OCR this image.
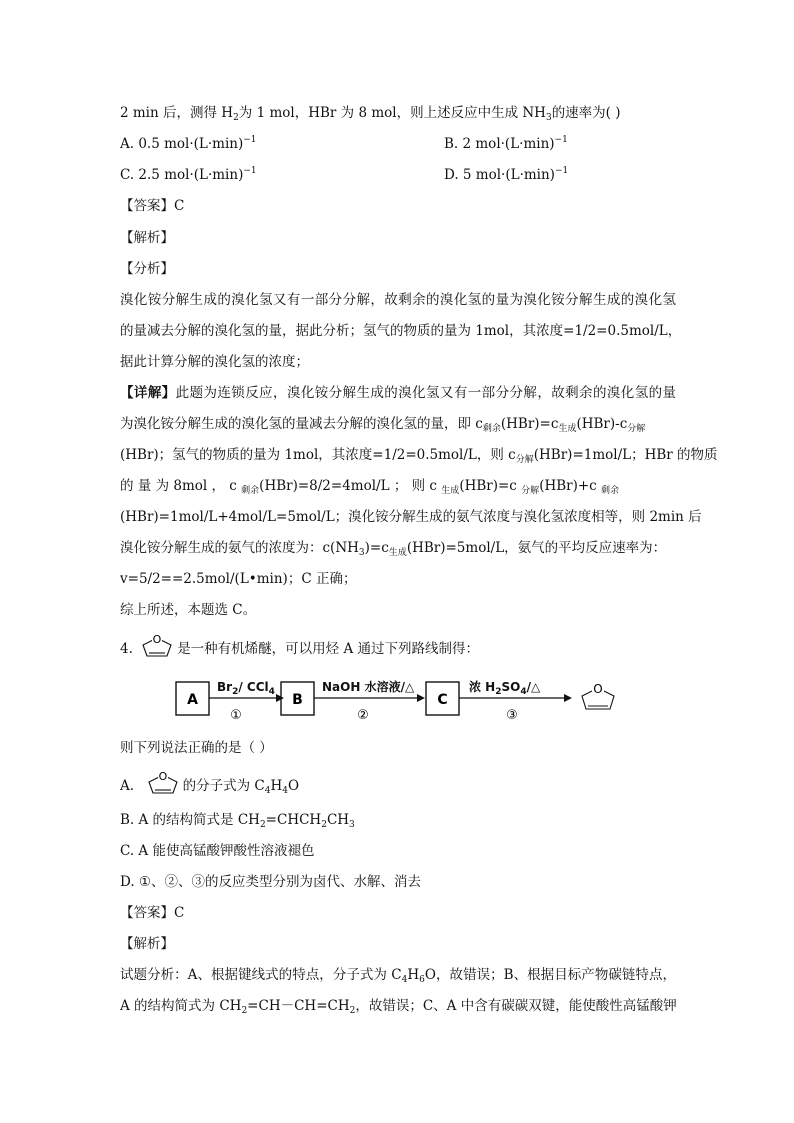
2 min 后，测得 $H_2$为 1 mol，HBr 为 8 mol，则上述反应中生成 $NH_3$的速率为( )
A. 0.5 $mol\cdot(L\cdot\min)^{-1}$	B. 2 $mol\cdot(L\cdot\min)^{-1}$
C. 2.5 $mol\cdot(L\cdot\min)^{-1}$	D. 5 $mol\cdot(L\cdot\min)^{-1}$
【答案】C
【解析】
【分析】
溴化铵分解生成的溴化氢又有一部分分解，故剩余的溴化氢的量为溴化铵分解生成的溴化氢
的量减去分解的溴化氢的量，据此分析；氢气的物质的量为 1mol，其浓度=1/2=0.5mol/L，
据此计算分解的溴化氢的浓度；
【详解】此题为连锁反应，溴化铵分解生成的溴化氢又有一部分分解，故剩余的溴化氢的量
为溴化铵分解生成的溴化氢的量减去分解的溴化氢的量，即 $c_{剩余}(HBr)=c_{生成}(HBr)-c_{分解}$
(HBr)；氢气的物质的量为 1mol，其浓度=1/2=0.5mol/L，则 $c_{分解}(HBr)=1mol/L$；HBr 的物质
的 量 为 8mol ， c $_{剩余}$(HBr)=8/2=4mol/L ； 则 c $_{生成}$(HBr)=c $_{分解}$(HBr)+c $_{剩余}$
(HBr)=1mol/L+4mol/L=5mol/L；溴化铵分解生成的氨气浓度与溴化氢浓度相等，则 2min 后
溴化铵分解生成的氨气的浓度为：$c(NH_3)=c_{生成}(HBr)=5mol/L$，氨气的平均反应速率为：
v=5/2==2.5mol/(L•min)；C 正确；
综上所述，本题选 C。
4.
O
是一种有机烯醚，可以用烃 A 通过下列路线制得：
A
①
B
②
C
③
O
$Br_2/$ CCl$_4$	NaOH 水溶液/△	浓 $H_2SO_4/\triangle$
则下列说法正确的是（ ）
A.
O
的分子式为 $C_4H_4O$
B. A 的结构简式是 $CH_2=CHCH_2CH_3$
C. A 能使高锰酸钾酸性溶液褪色
D. ①、②、③的反应类型分别为卤代、水解、消去
【答案】C
【解析】
试题分析：A、根据键线式的特点，分子式为 $C_4H_6O$，故错误；B、根据目标产物碳链特点，
A 的结构简式为 $CH_2=CH-CH=CH_2$，故错误；C、A 中含有碳碳双键，能使酸性高锰酸钾
